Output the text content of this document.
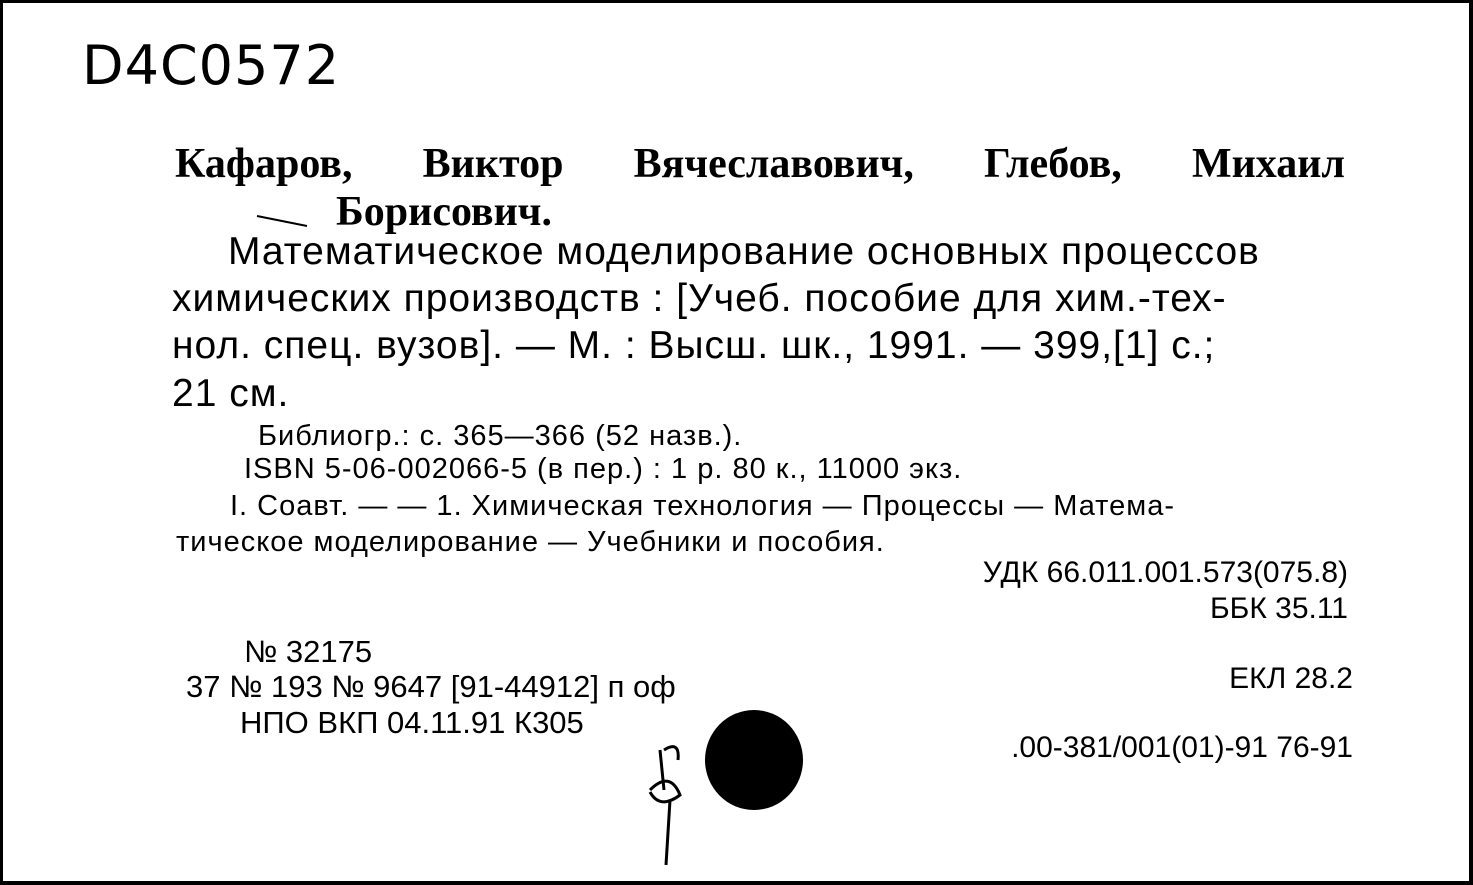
D4C0572
Кафаров, Виктор Вячеславович, Глебов, Михаил
Борисович.
Математическое моделирование основных процессов
химических производств : [Учеб. пособие для хим.-тех-
нол. спец. вузов]. — М. : Высш. шк., 1991. — 399,[1] с.;
21 см.
Библиогр.: с. 365—366 (52 назв.).
ISBN 5-06-002066-5 (в пер.) : 1 р. 80 к., 11000 экз.
I. Соавт. — — 1. Химическая технология — Процессы — Матема-
тическое моделирование — Учебники и пособия.
УДК 66.011.001.573(075.8)
ББК 35.11
ЕКЛ 28.2
.00-381/001(01)-91 76-91
№ 32175
37 № 193 № 9647 [91-44912] п оф
НПО ВКП 04.11.91 К305
